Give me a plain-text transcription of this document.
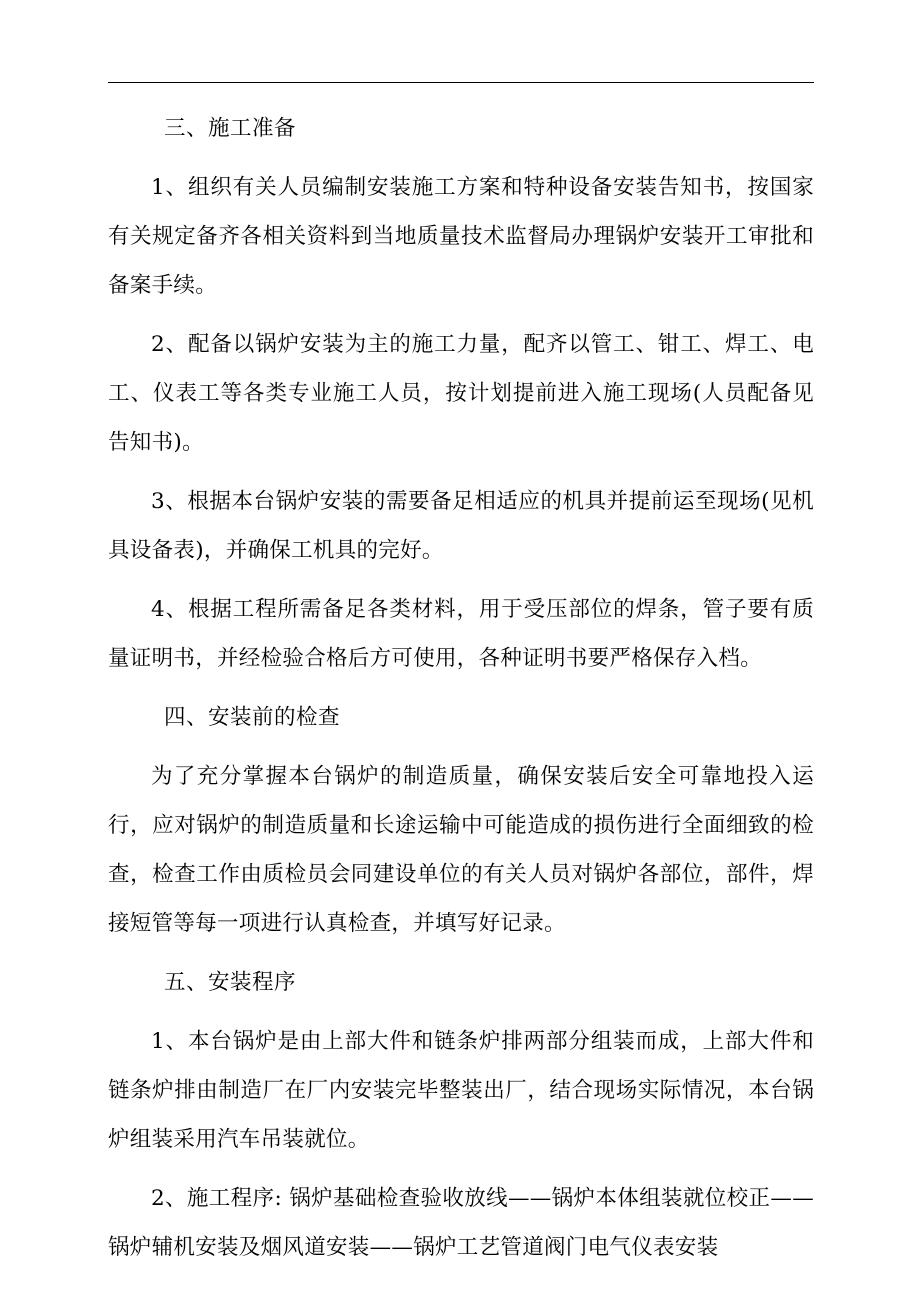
三、施工准备
1、组织有关人员编制安装施工方案和特种设备安装告知书，按国家有关规定备齐各相关资料到当地质量技术监督局办理锅炉安装开工审批和备案手续。
2、配备以锅炉安装为主的施工力量，配齐以管工、钳工、焊工、电工、仪表工等各类专业施工人员，按计划提前进入施工现场(人员配备见告知书)。
3、根据本台锅炉安装的需要备足相适应的机具并提前运至现场(见机具设备表)，并确保工机具的完好。
4、根据工程所需备足各类材料，用于受压部位的焊条，管子要有质量证明书，并经检验合格后方可使用，各种证明书要严格保存入档。
四、安装前的检查
为了充分掌握本台锅炉的制造质量，确保安装后安全可靠地投入运行，应对锅炉的制造质量和长途运输中可能造成的损伤进行全面细致的检查，检查工作由质检员会同建设单位的有关人员对锅炉各部位，部件，焊接短管等每一项进行认真检查，并填写好记录。
五、安装程序
1、本台锅炉是由上部大件和链条炉排两部分组装而成，上部大件和链条炉排由制造厂在厂内安装完毕整装出厂，结合现场实际情况，本台锅炉组装采用汽车吊装就位。
2、施工程序: 锅炉基础检查验收放线——锅炉本体组装就位校正——锅炉辅机安装及烟风道安装——锅炉工艺管道阀门电气仪表安装
